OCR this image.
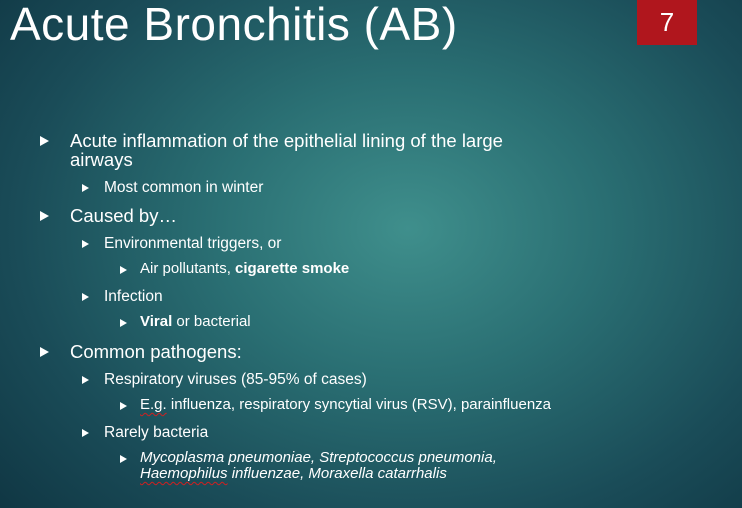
Acute Bronchitis (AB)	7
Acute inflammation of the epithelial lining of the large
airways
Most common in winter
Caused by…
Environmental triggers, or
Air pollutants, cigarette smoke
Infection
Viral or bacterial
Common pathogens:
Respiratory viruses (85-95% of cases)
E.g. influenza, respiratory syncytial virus (RSV), parainfluenza
Rarely bacteria
Mycoplasma pneumoniae, Streptococcus pneumonia,
Haemophilus influenzae, Moraxella catarrhalis
